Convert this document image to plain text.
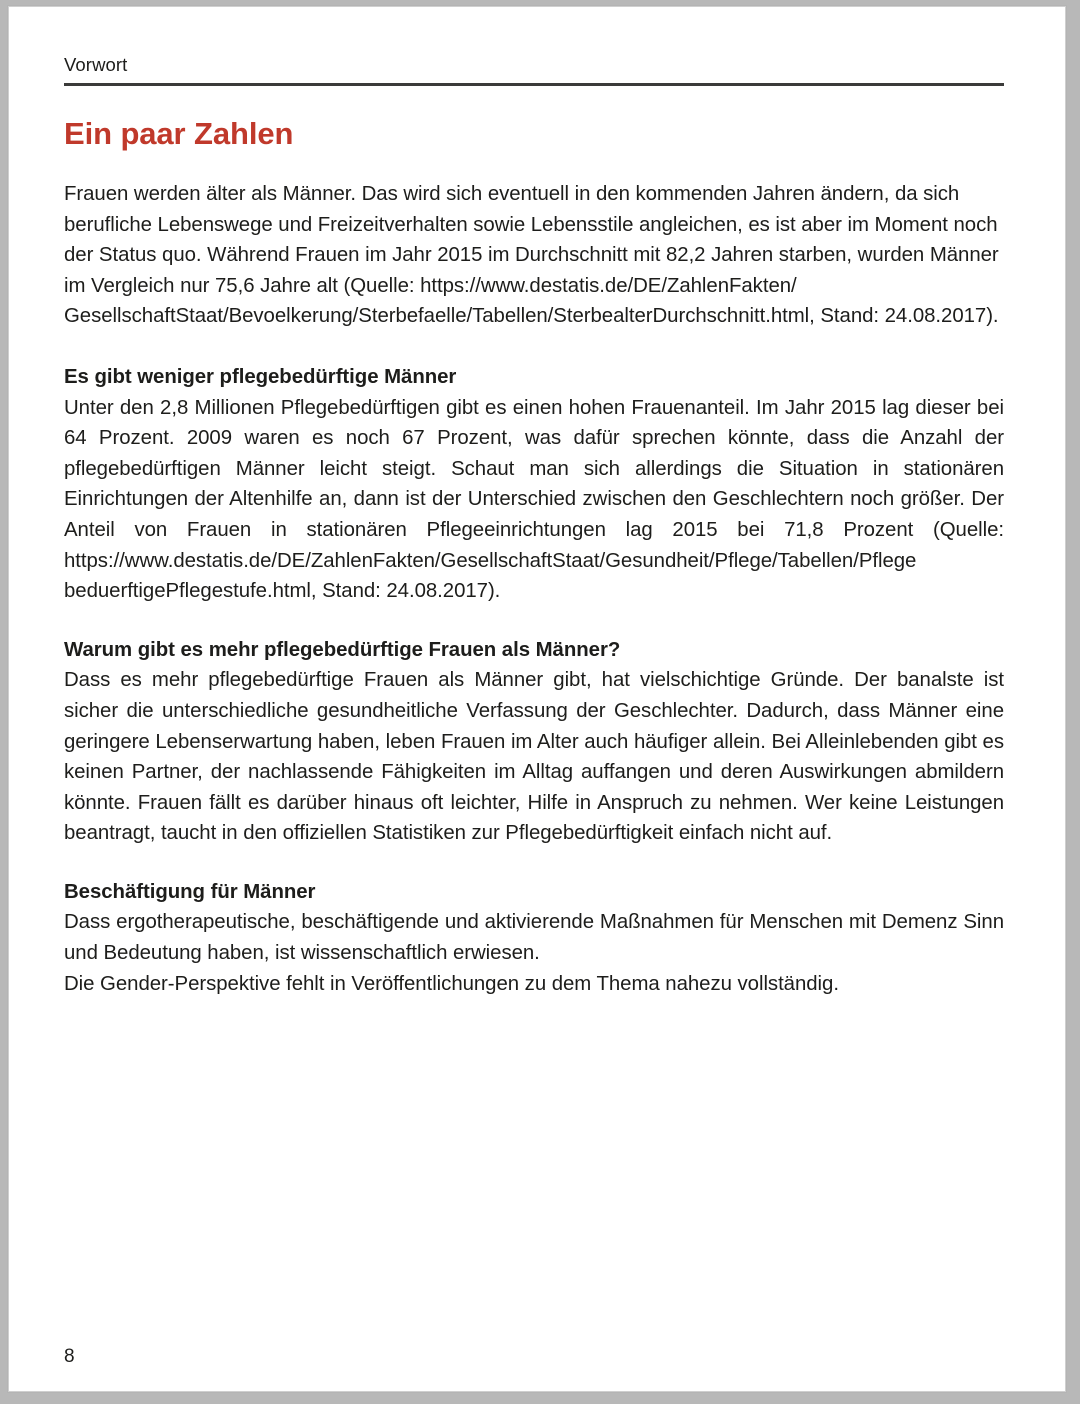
Vorwort
Ein paar Zahlen

Frauen werden älter als Männer. Das wird sich eventuell in den kommenden Jahren ändern, da sich berufliche Lebenswege und Freizeitverhalten sowie Lebensstile angleichen, es ist aber im Moment noch der Status quo. Während Frauen im Jahr 2015 im Durchschnitt mit 82,2 Jahren starben, wurden Männer im Vergleich nur 75,6 Jahre alt (Quelle: https://www.destatis.de/DE/ZahlenFakten/ GesellschaftStaat/Bevoelkerung/Sterbefaelle/Tabellen/SterbealterDurchschnitt.html, Stand: 24.08.2017).

Es gibt weniger pflegebedürftige Männer

Unter den 2,8 Millionen Pflegebedürftigen gibt es einen hohen Frauenanteil. Im Jahr 2015 lag dieser bei 64 Prozent. 2009 waren es noch 67 Prozent, was dafür sprechen könnte, dass die Anzahl der pflegebedürftigen Männer leicht steigt. Schaut man sich allerdings die Situation in stationären Einrichtungen der Altenhilfe an, dann ist der Unterschied zwischen den Geschlechtern noch größer. Der Anteil von Frauen in stationären Pflegeeinrichtungen lag 2015 bei 71,8 Prozent (Quelle: https://www.destatis.de/DE/ZahlenFakten/GesellschaftStaat/Gesundheit/Pflege/Tabellen/Pflege beduerftigePflegestufe.html, Stand: 24.08.2017).

Warum gibt es mehr pflegebedürftige Frauen als Männer?

Dass es mehr pflegebedürftige Frauen als Männer gibt, hat vielschichtige Gründe. Der banalste ist sicher die unterschiedliche gesundheitliche Verfassung der Geschlechter. Dadurch, dass Männer eine geringere Lebenserwartung haben, leben Frauen im Alter auch häufiger allein. Bei Alleinlebenden gibt es keinen Partner, der nachlassende Fähigkeiten im Alltag auffangen und deren Auswirkungen abmildern könnte. Frauen fällt es darüber hinaus oft leichter, Hilfe in Anspruch zu nehmen. Wer keine Leistungen beantragt, taucht in den offiziellen Statistiken zur Pflegebedürftigkeit einfach nicht auf.

Beschäftigung für Männer

Dass ergotherapeutische, beschäftigende und aktivierende Maßnahmen für Menschen mit Demenz Sinn und Bedeutung haben, ist wissenschaftlich erwiesen.

Die Gender-Perspektive fehlt in Veröffentlichungen zu dem Thema nahezu vollständig.

8
